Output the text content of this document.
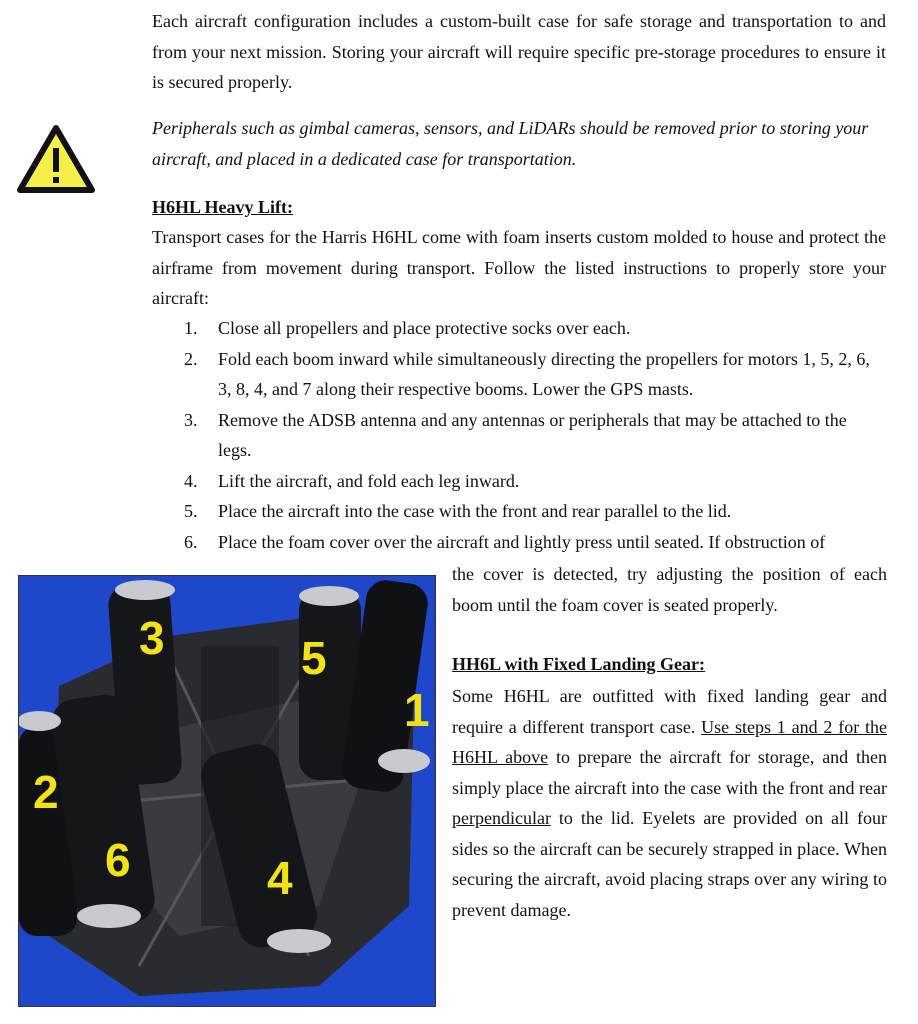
Each aircraft configuration includes a custom-built case for safe storage and transportation to and from your next mission. Storing your aircraft will require specific pre-storage procedures to ensure it is secured properly.
Peripherals such as gimbal cameras, sensors, and LiDARs should be removed prior to storing your aircraft, and placed in a dedicated case for transportation.
H6HL Heavy Lift:
Transport cases for the Harris H6HL come with foam inserts custom molded to house and protect the airframe from movement during transport. Follow the listed instructions to properly store your aircraft:
1. Close all propellers and place protective socks over each.
2. Fold each boom inward while simultaneously directing the propellers for motors 1, 5, 2, 6, 3, 8, 4, and 7 along their respective booms. Lower the GPS masts.
3. Remove the ADSB antenna and any antennas or peripherals that may be attached to the legs.
4. Lift the aircraft, and fold each leg inward.
5. Place the aircraft into the case with the front and rear parallel to the lid.
6. Place the foam cover over the aircraft and lightly press until seated. If obstruction of
the cover is detected, try adjusting the position of each boom until the foam cover is seated properly.
HH6L with Fixed Landing Gear:
Some H6HL are outfitted with fixed landing gear and require a different transport case. Use steps 1 and 2 for the H6HL above to prepare the aircraft for storage, and then simply place the aircraft into the case with the front and rear perpendicular to the lid. Eyelets are provided on all four sides so the aircraft can be securely strapped in place. When securing the aircraft, avoid placing straps over any wiring to prevent damage.
1
2
3
4
5
6
